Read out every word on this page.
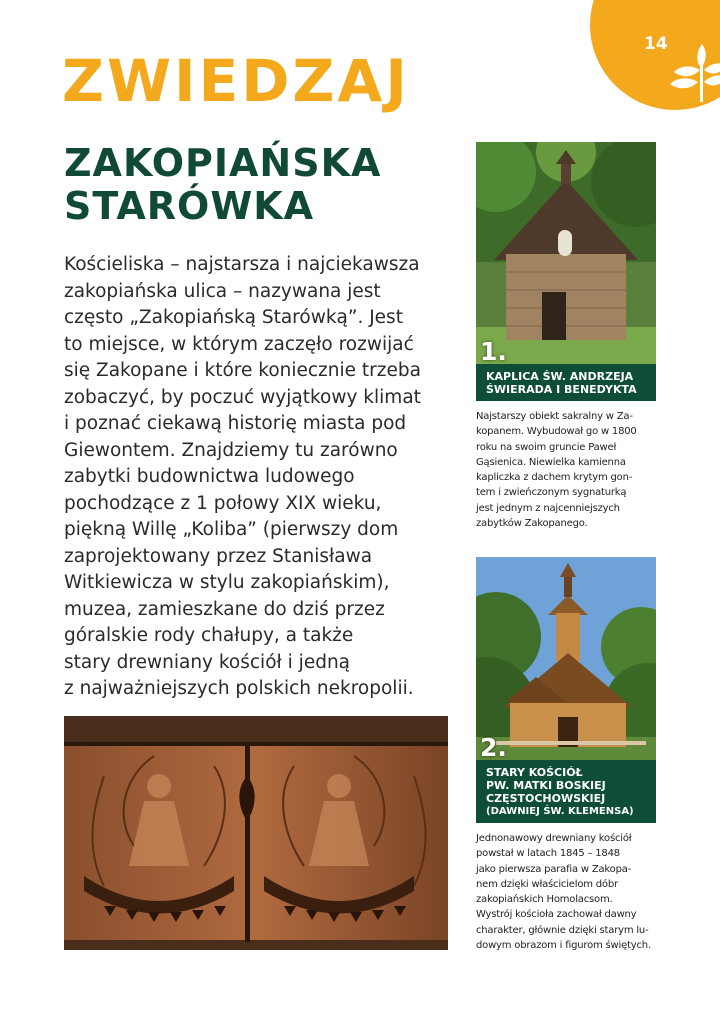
14
ZWIEDZAJ
ZAKOPIAŃSKA
STARÓWKA

Kościeliska – najstarsza i najciekawsza
zakopiańska ulica – nazywana jest
często „Zakopiańską Starówką”. Jest
to miejsce, w którym zaczęło rozwijać
się Zakopane i które koniecznie trzeba
zobaczyć, by poczuć wyjątkowy klimat
i poznać ciekawą historię miasta pod
Giewontem. Znajdziemy tu zarówno
zabytki budownictwa ludowego
pochodzące z 1 połowy XIX wieku,
piękną Willę „Koliba” (pierwszy dom
zaprojektowany przez Stanisława
Witkiewicza w stylu zakopiańskim),
muzea, zamieszkane do dziś przez
góralskie rody chałupy, a także
stary drewniany kościół i jedną
z najważniejszych polskich nekropolii.

1.
KAPLICA ŚW. ANDRZEJA
ŚWIERADA I BENEDYKTA

Najstarszy obiekt sakralny w Za-
kopanem. Wybudował go w 1800
roku na swoim gruncie Paweł
Gąsienica. Niewielka kamienna
kapliczka z dachem krytym gon-
tem i zwieńczonym sygnaturką
jest jednym z najcenniejszych
zabytków Zakopanego.

2.
STARY KOŚCIÓŁ
PW. MATKI BOSKIEJ
CZĘSTOCHOWSKIEJ
(DAWNIEJ ŚW. KLEMENSA)

Jednonawowy drewniany kościół
powstał w latach 1845 – 1848
jako pierwsza parafia w Zakopa-
nem dzięki właścicielom dóbr
zakopiańskich Homolacsom.
Wystrój kościoła zachował dawny
charakter, głównie dzięki starym lu-
dowym obrazom i figurom świętych.
